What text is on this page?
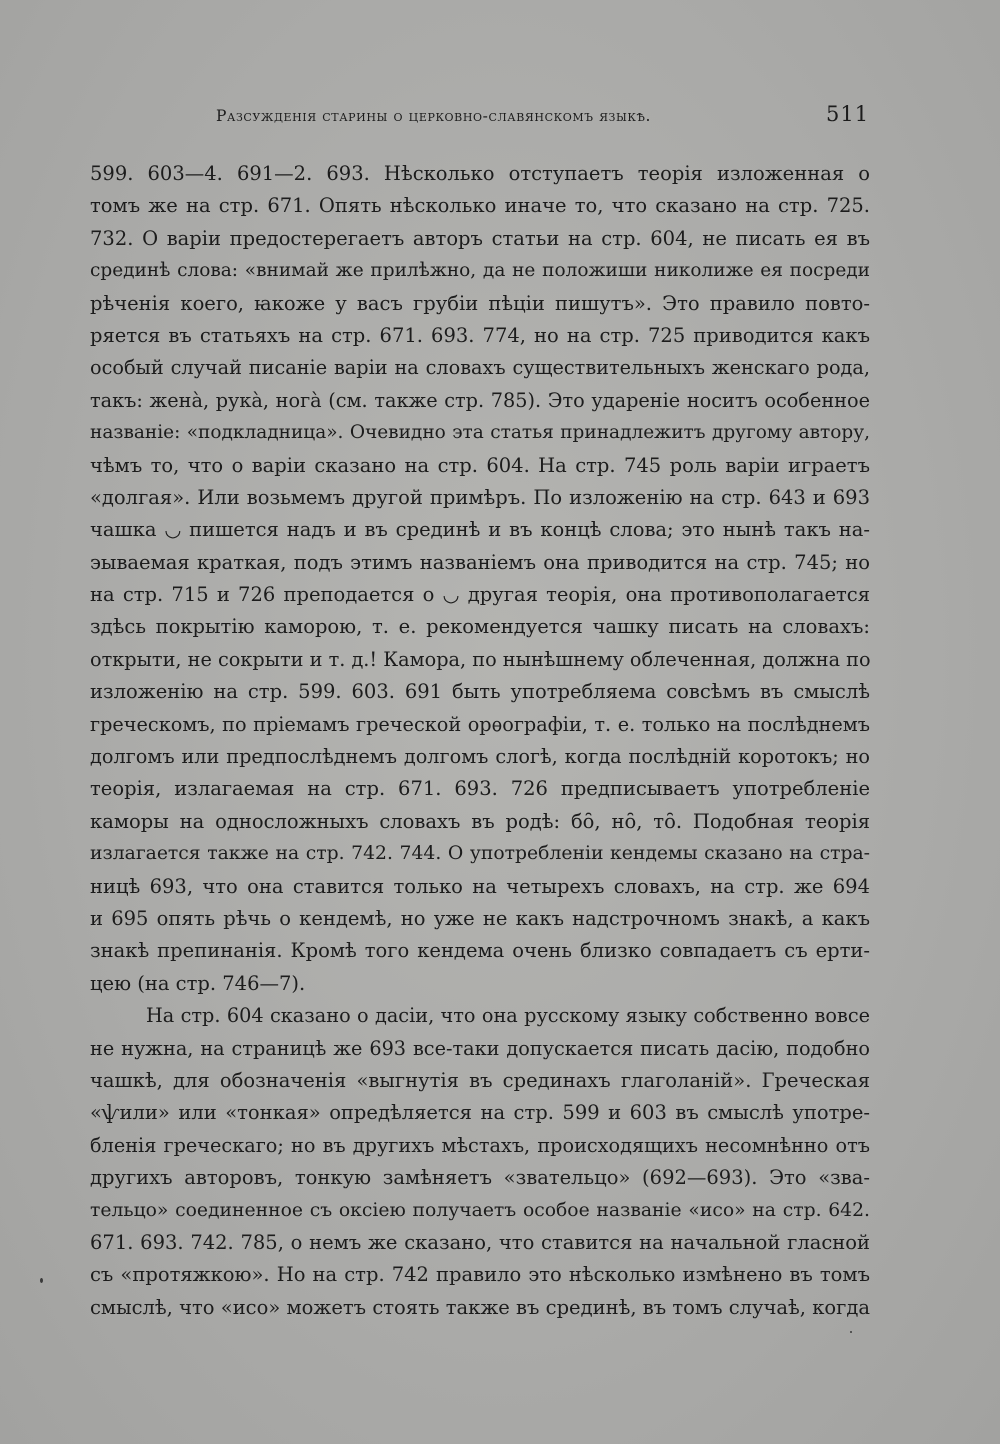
Разсужденія старины о церковно-славянскомъ языкѣ.	511
599. 603—4. 691—2. 693. Нѣсколько отступаетъ теорія изложенная о
томъ же на стр. 671. Опять нѣсколько иначе то, что сказано на стр. 725.
732. О варіи предостерегаетъ авторъ статьи на стр. 604, не писать ея въ
срединѣ слова: «внимай же прилѣжно, да не положиши николиже ея посреди
рѣченія коего, ꙗкоже у васъ грубіи пѣціи пишутъ». Это правило повто-
ряется въ статьяхъ на стр. 671. 693. 774, но на стр. 725 приводится какъ
особый случай писаніе варіи на словахъ существительныхъ женскаго рода,
такъ: женà, рукà, ногà (см. также стр. 785). Это удареніе носитъ особенное
названіе: «подкладница». Очевидно эта статья принадлежитъ другому автору,
чѣмъ то, что о варіи сказано на стр. 604. На стр. 745 роль варіи играетъ
«долгая». Или возьмемъ другой примѣръ. По изложенію на стр. 643 и 693
чашка ◡ пишется надъ и въ срединѣ и въ концѣ слова; это нынѣ такъ на-
эываемая краткая, подъ этимъ названіемъ она приводится на стр. 745; но
на стр. 715 и 726 преподается о ◡ другая теорія, она противополагается
здѣсь покрытію каморою, т. е. рекомендуется чашку писать на словахъ:
открыти, не сокрыти и т. д.! Камора, по нынѣшнему облеченная, должна по
изложенію на стр. 599. 603. 691 быть употребляема совсѣмъ въ смыслѣ
греческомъ, по пріемамъ греческой орѳографіи, т. е. только на послѣднемъ
долгомъ или предпослѣднемъ долгомъ слогѣ, когда послѣдній коротокъ; но
теорія, излагаемая на стр. 671. 693. 726 предписываетъ употребленіе
каморы на односложныхъ словахъ въ родѣ: бо̑, но̑, то̑. Подобная теорія
излагается также на стр. 742. 744. О употребленіи кендемы сказано на стра-
ницѣ 693, что она ставится только на четырехъ словахъ, на стр. же 694
и 695 опять рѣчь о кендемѣ, но уже не какъ надстрочномъ знакѣ, а какъ
знакѣ препинанія. Кромѣ того кендема очень близко совпадаетъ съ ерти-
цею (на стр. 746—7).
На стр. 604 сказано о дасіи, что она русскому языку собственно вовсе
не нужна, на страницѣ же 693 все-таки допускается писать дасію, подобно
чашкѣ, для обозначенія «выгнутія въ срединахъ глаголаній». Греческая
«ѱили» или «тонкая» опредѣляется на стр. 599 и 603 въ смыслѣ употре-
бленія греческаго; но въ другихъ мѣстахъ, происходящихъ несомнѣнно отъ
другихъ авторовъ, тонкую замѣняетъ «звательцо» (692—693). Это «зва-
тельцо» соединенное съ оксіею получаетъ особое названіе «исо» на стр. 642.
671. 693. 742. 785, о немъ же сказано, что ставится на начальной гласной
съ «протяжкою». Но на стр. 742 правило это нѣсколько измѣнено въ томъ
смыслѣ, что «исо» можетъ стоять также въ срединѣ, въ томъ случаѣ, когда
